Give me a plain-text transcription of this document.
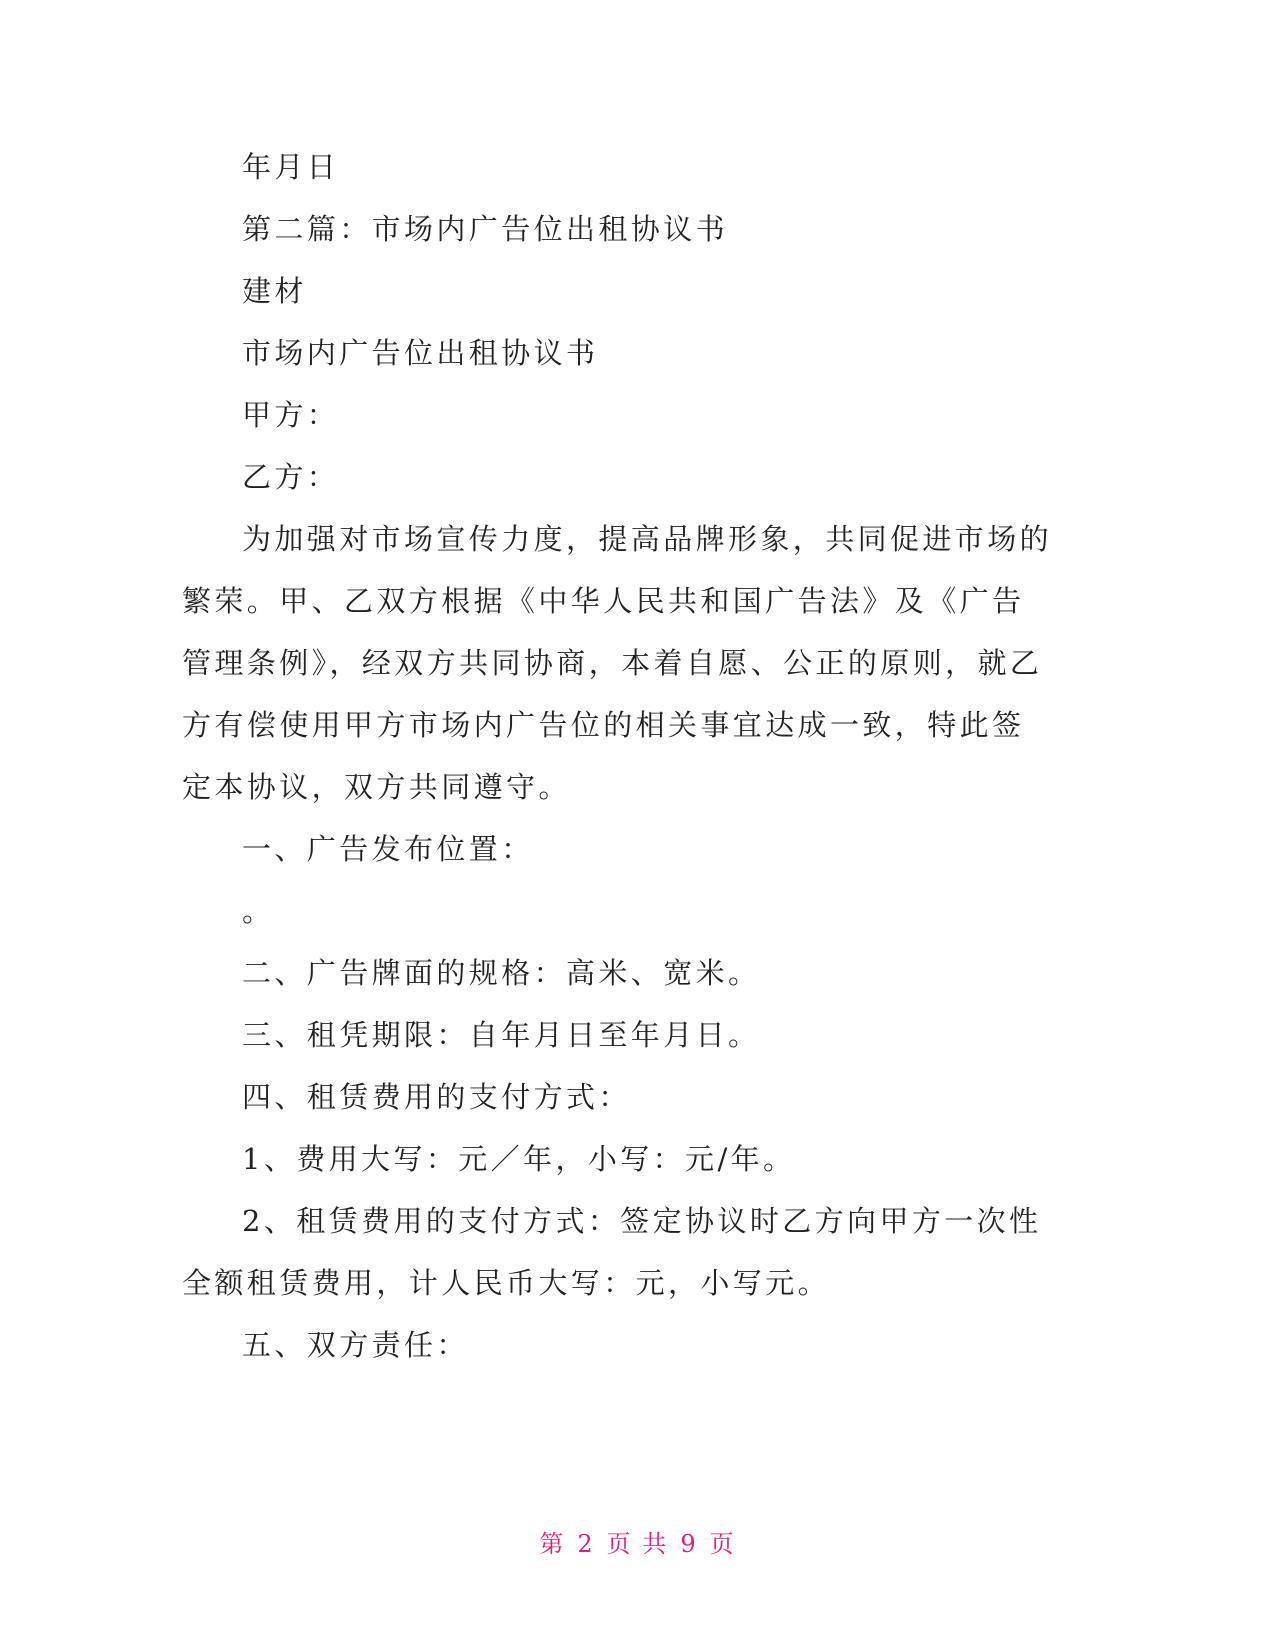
年月日

第二篇：市场内广告位出租协议书

建材

市场内广告位出租协议书

甲方：

乙方：

为加强对市场宣传力度，提高品牌形象，共同促进市场的繁荣。甲、乙双方根据《中华人民共和国广告法》及《广告管理条例》，经双方共同协商，本着自愿、公正的原则，就乙方有偿使用甲方市场内广告位的相关事宜达成一致，特此签定本协议，双方共同遵守。

一、广告发布位置：

。

二、广告牌面的规格：高米、宽米。

三、租凭期限：自年月日至年月日。

四、租赁费用的支付方式：

1、费用大写：元／年，小写：元/年。

2、租赁费用的支付方式：签定协议时乙方向甲方一次性全额租赁费用，计人民币大写：元，小写元。

五、双方责任：

第 2 页 共 9 页
